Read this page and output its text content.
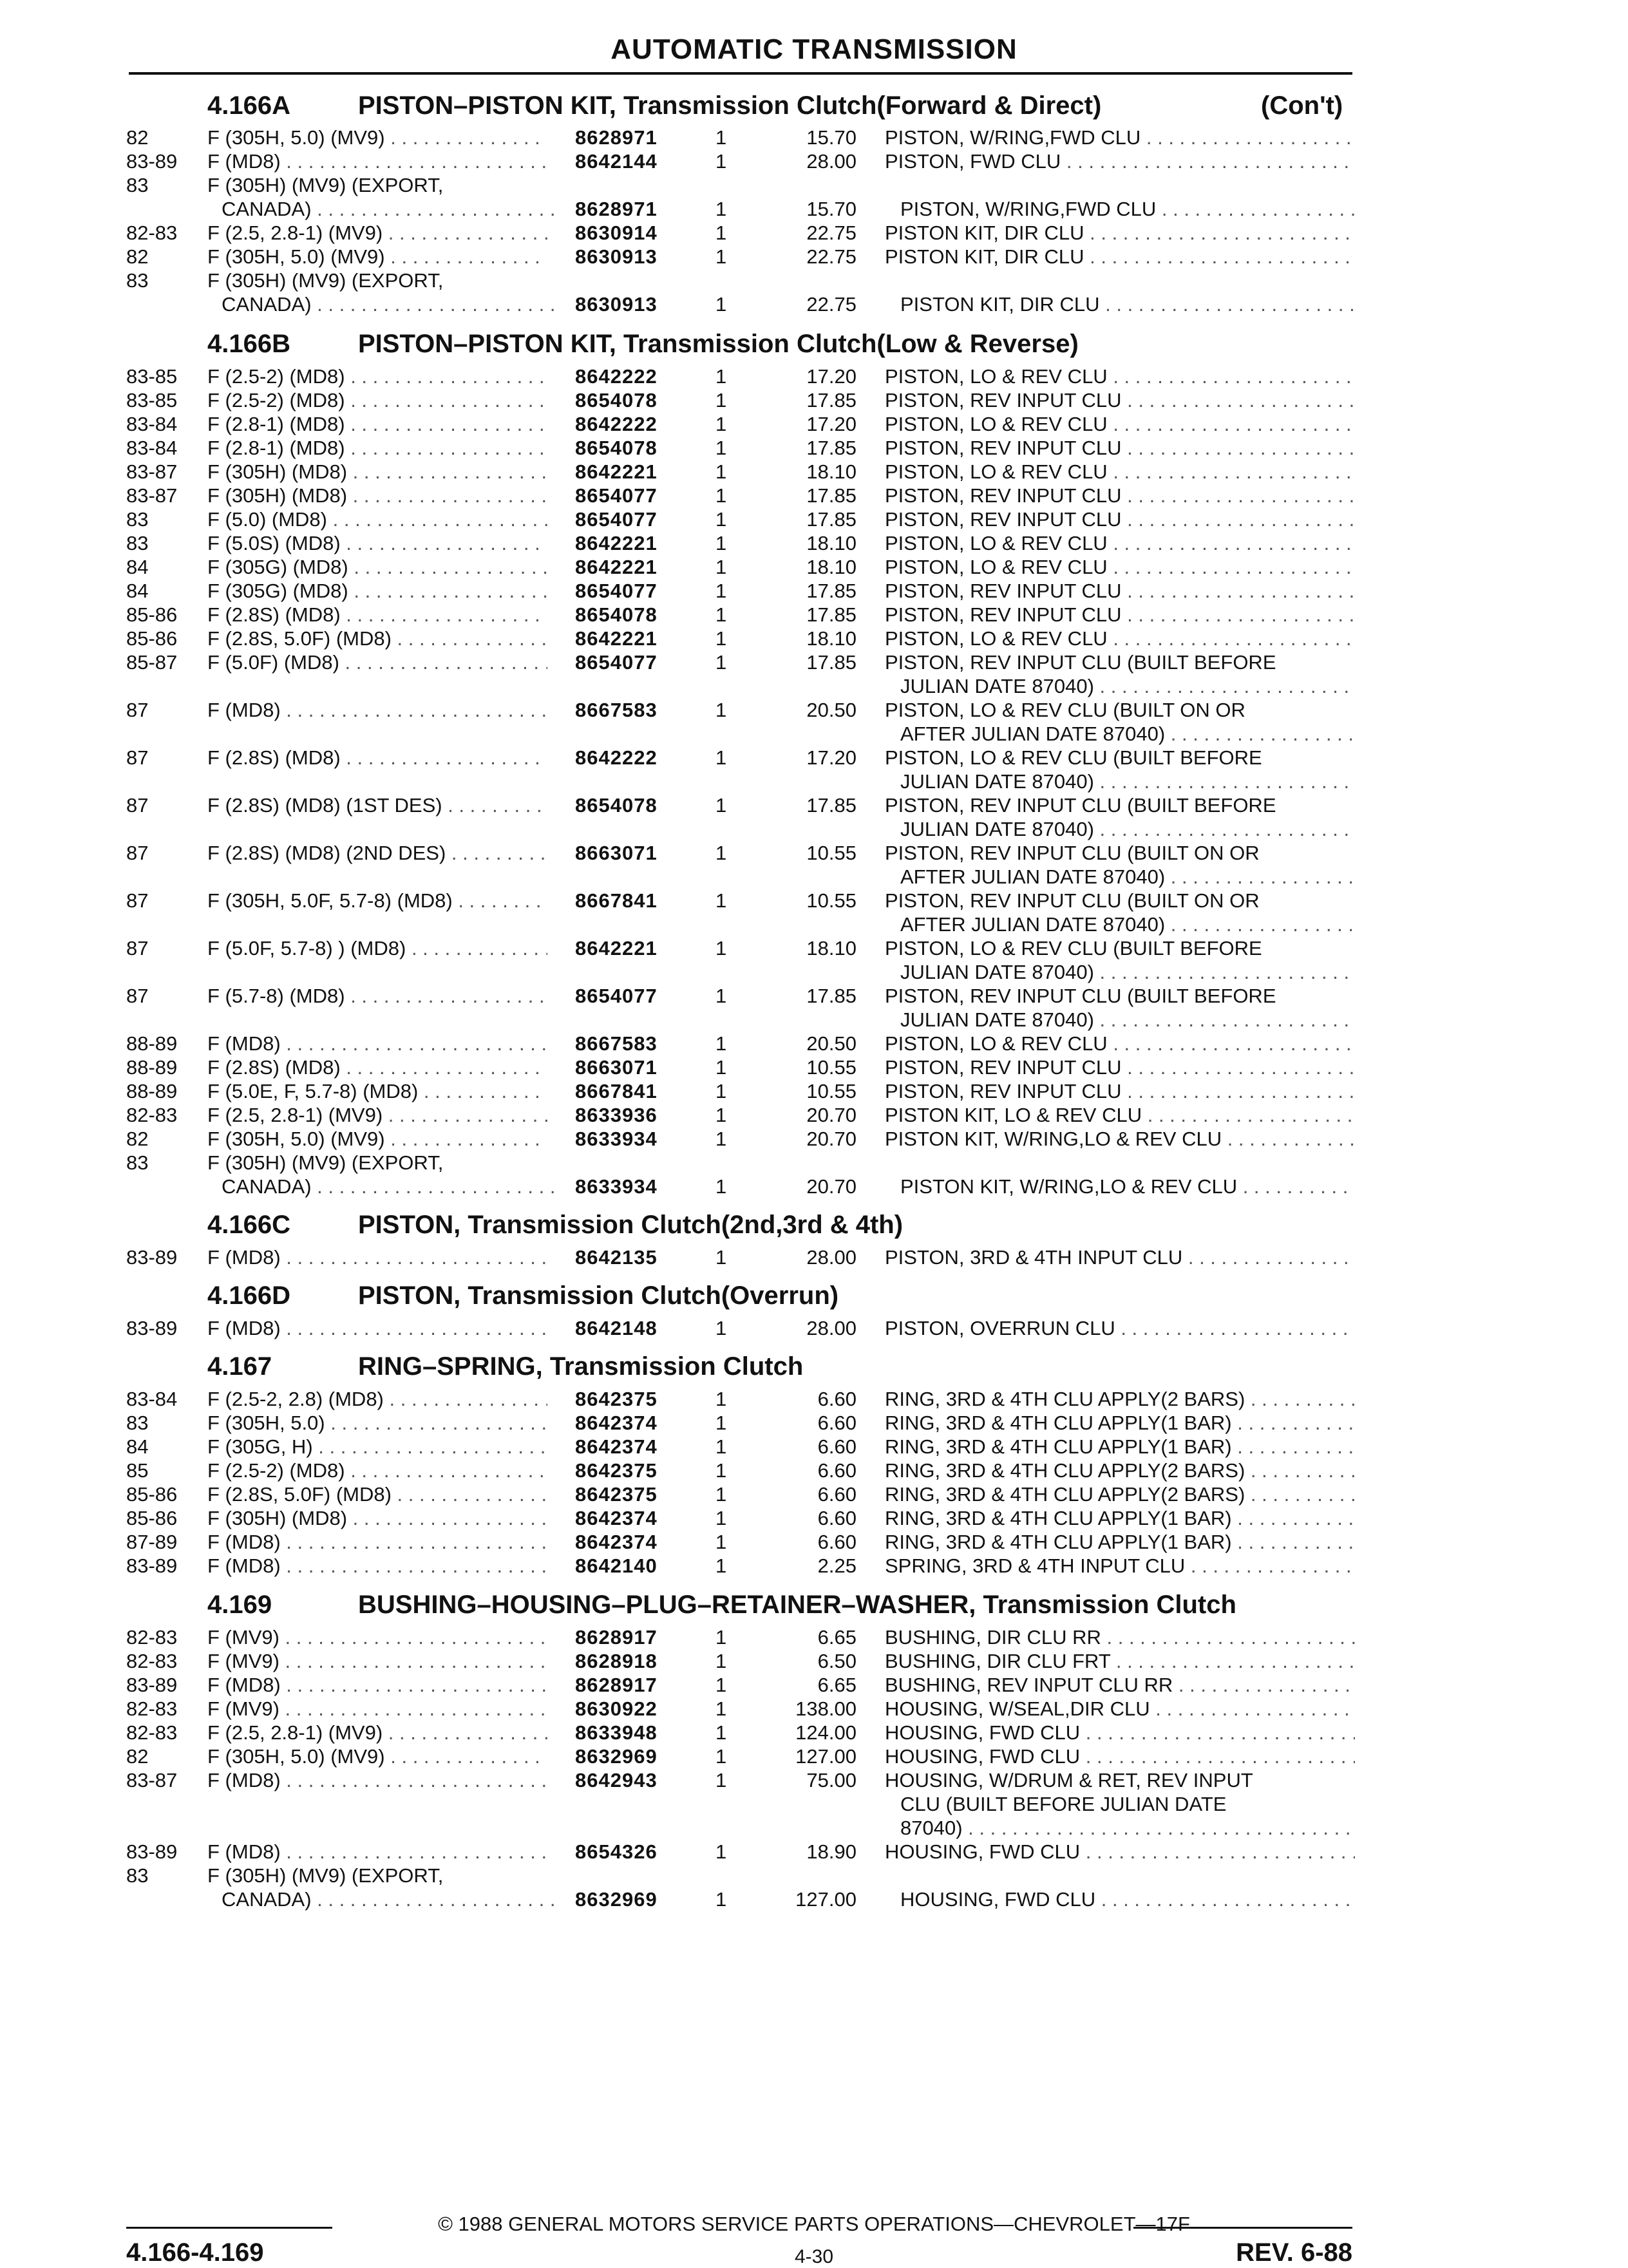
AUTOMATIC TRANSMISSION
4.166A	PISTON–PISTON KIT, Transmission Clutch(Forward & Direct)	(Con't)
82	F (305H, 5.0) (MV9) . . .	8628971	1	15.70 PISTON, W/RING,FWD CLU . . .
83-89 F (MD8) . . .	8642144	1	28.00 PISTON, FWD CLU . . .
83	F (305H) (MV9) (EXPORT,
CANADA) . . .	8628971	1	15.70 PISTON, W/RING,FWD CLU . . .
82-83 F (2.5, 2.8-1) (MV9) . . .	8630914	1	22.75 PISTON KIT, DIR CLU . . .
82	F (305H, 5.0) (MV9) . . .	8630913	1	22.75 PISTON KIT, DIR CLU . . .
83	F (305H) (MV9) (EXPORT,
CANADA) . . .	8630913	1	22.75 PISTON KIT, DIR CLU . . .
4.166B	PISTON–PISTON KIT, Transmission Clutch(Low & Reverse)
83-85 F (2.5-2) (MD8) . . .	8642222	1	17.20 PISTON, LO & REV CLU . . .
83-85 F (2.5-2) (MD8) . . .	8654078	1	17.85 PISTON, REV INPUT CLU . . .
83-84 F (2.8-1) (MD8) . . .	8642222	1	17.20 PISTON, LO & REV CLU . . .
83-84 F (2.8-1) (MD8) . . .	8654078	1	17.85 PISTON, REV INPUT CLU . . .
83-87 F (305H) (MD8) . . .	8642221	1	18.10 PISTON, LO & REV CLU . . .
83-87 F (305H) (MD8) . . .	8654077	1	17.85 PISTON, REV INPUT CLU . . .
83	F (5.0) (MD8) . . .	8654077	1	17.85 PISTON, REV INPUT CLU . . .
83	F (5.0S) (MD8) . . .	8642221	1	18.10 PISTON, LO & REV CLU . . .
84	F (305G) (MD8) . . .	8642221	1	18.10 PISTON, LO & REV CLU . . .
84	F (305G) (MD8) . . .	8654077	1	17.85 PISTON, REV INPUT CLU . . .
85-86 F (2.8S) (MD8) . . .	8654078	1	17.85 PISTON, REV INPUT CLU . . .
85-86 F (2.8S, 5.0F) (MD8) . . .	8642221	1	18.10 PISTON, LO & REV CLU . . .
85-87 F (5.0F) (MD8) . . .	8654077	1	17.85 PISTON, REV INPUT CLU (BUILT BEFORE
JULIAN DATE 87040) . . .
87	F (MD8) . . .	8667583	1	20.50 PISTON, LO & REV CLU (BUILT ON OR
AFTER JULIAN DATE 87040) . . .
87	F (2.8S) (MD8) . . .	8642222	1	17.20 PISTON, LO & REV CLU (BUILT BEFORE
JULIAN DATE 87040) . . .
87	F (2.8S) (MD8) (1ST DES) . . .	8654078	1	17.85 PISTON, REV INPUT CLU (BUILT BEFORE
JULIAN DATE 87040) . . .
87	F (2.8S) (MD8) (2ND DES) . . .	8663071	1	10.55 PISTON, REV INPUT CLU (BUILT ON OR
AFTER JULIAN DATE 87040) . . .
87	F (305H, 5.0F, 5.7-8) (MD8) . . .	8667841	1	10.55 PISTON, REV INPUT CLU (BUILT ON OR
AFTER JULIAN DATE 87040) . . .
87	F (5.0F, 5.7-8) ) (MD8) . . .	8642221	1	18.10 PISTON, LO & REV CLU (BUILT BEFORE
JULIAN DATE 87040) . . .
87	F (5.7-8) (MD8) . . .	8654077	1	17.85 PISTON, REV INPUT CLU (BUILT BEFORE
JULIAN DATE 87040) . . .
88-89 F (MD8) . . .	8667583	1	20.50 PISTON, LO & REV CLU . . .
88-89 F (2.8S) (MD8) . . .	8663071	1	10.55 PISTON, REV INPUT CLU . . .
88-89 F (5.0E, F, 5.7-8) (MD8) . . .	8667841	1	10.55 PISTON, REV INPUT CLU . . .
82-83 F (2.5, 2.8-1) (MV9) . . .	8633936	1	20.70 PISTON KIT, LO & REV CLU . . .
82	F (305H, 5.0) (MV9) . . .	8633934	1	20.70 PISTON KIT, W/RING,LO & REV CLU . . .
83	F (305H) (MV9) (EXPORT,
CANADA) . . .	8633934	1	20.70 PISTON KIT, W/RING,LO & REV CLU . . .
4.166C	PISTON, Transmission Clutch(2nd,3rd & 4th)
83-89 F (MD8) . . .	8642135	1	28.00 PISTON, 3RD & 4TH INPUT CLU . . .
4.166D	PISTON, Transmission Clutch(Overrun)
83-89 F (MD8) . . .	8642148	1	28.00 PISTON, OVERRUN CLU . . .
4.167	RING–SPRING, Transmission Clutch
83-84 F (2.5-2, 2.8) (MD8) . . .	8642375	1	6.60 RING, 3RD & 4TH CLU APPLY(2 BARS) . . .
83	F (305H, 5.0) . . .	8642374	1	6.60 RING, 3RD & 4TH CLU APPLY(1 BAR) . . .
84	F (305G, H) . . .	8642374	1	6.60 RING, 3RD & 4TH CLU APPLY(1 BAR) . . .
85	F (2.5-2) (MD8) . . .	8642375	1	6.60 RING, 3RD & 4TH CLU APPLY(2 BARS) . . .
85-86 F (2.8S, 5.0F) (MD8) . . .	8642375	1	6.60 RING, 3RD & 4TH CLU APPLY(2 BARS) . . .
85-86 F (305H) (MD8) . . .	8642374	1	6.60 RING, 3RD & 4TH CLU APPLY(1 BAR) . . .
87-89 F (MD8) . . .	8642374	1	6.60 RING, 3RD & 4TH CLU APPLY(1 BAR) . . .
83-89 F (MD8) . . .	8642140	1	2.25 SPRING, 3RD & 4TH INPUT CLU . . .
4.169	BUSHING–HOUSING–PLUG–RETAINER–WASHER, Transmission Clutch
82-83 F (MV9) . . .	8628917	1	6.65 BUSHING, DIR CLU RR . . .
82-83 F (MV9) . . .	8628918	1	6.50 BUSHING, DIR CLU FRT . . .
83-89 F (MD8) . . .	8628917	1	6.65 BUSHING, REV INPUT CLU RR . . .
82-83 F (MV9) . . .	8630922	1	138.00 HOUSING, W/SEAL,DIR CLU . . .
82-83 F (2.5, 2.8-1) (MV9) . . .	8633948	1	124.00 HOUSING, FWD CLU . . .
82	F (305H, 5.0) (MV9) . . .	8632969	1	127.00 HOUSING, FWD CLU . . .
83-87 F (MD8) . . .	8642943	1	75.00 HOUSING, W/DRUM & RET, REV INPUT
CLU (BUILT BEFORE JULIAN DATE
87040) . . .
83-89 F (MD8) . . .	8654326	1	18.90 HOUSING, FWD CLU . . .
83	F (305H) (MV9) (EXPORT,
CANADA) . . .	8632969	1	127.00 HOUSING, FWD CLU . . .
© 1988 GENERAL MOTORS SERVICE PARTS OPERATIONS—CHEVROLET—17F
4.166-4.169	4-30	REV. 6-88
